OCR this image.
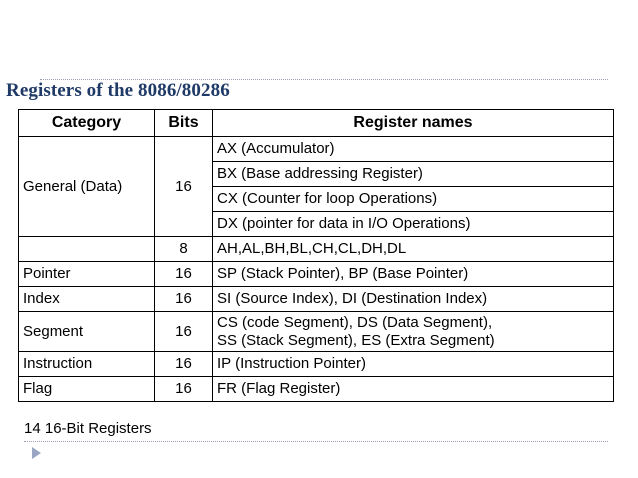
Registers of the 8086/80286
Category	Bits	Register names
General (Data)	16	AX (Accumulator)
		BX (Base addressing Register)
		CX (Counter for loop Operations)
		DX (pointer for data in I/O Operations)
	8	AH,AL,BH,BL,CH,CL,DH,DL
Pointer	16	SP (Stack Pointer), BP (Base Pointer)
Index	16	SI (Source Index), DI (Destination Index)
Segment	16	CS (code Segment), DS (Data Segment),
SS (Stack Segment), ES (Extra Segment)

Instruction	16	IP (Instruction Pointer)
Flag	16	FR (Flag Register)
14 16-Bit Registers
